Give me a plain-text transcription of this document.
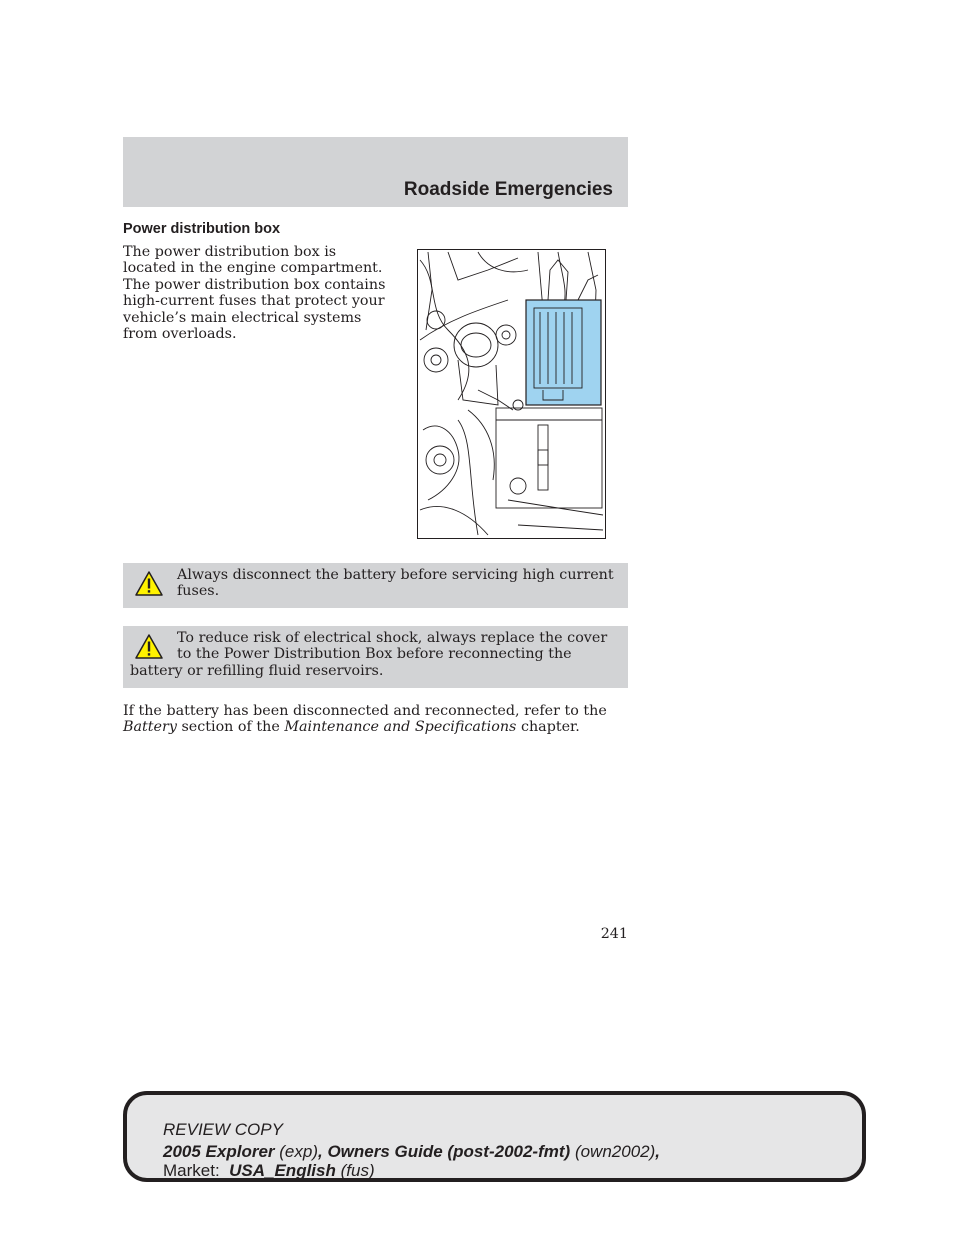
Roadside Emergencies
Power distribution box

The power distribution box is located in the engine compartment. The power distribution box contains high-current fuses that protect your vehicle’s main electrical systems from overloads.

Always disconnect the battery before servicing high current fuses.
To reduce risk of electrical shock, always replace the cover to the Power Distribution Box before reconnecting the battery or refilling fluid reservoirs.

If the battery has been disconnected and reconnected, refer to the Battery section of the Maintenance and Specifications chapter.

241
REVIEW COPY
2005 Explorer (exp), Owners Guide (post-2002-fmt) (own2002),
Market:  USA_English (fus)
